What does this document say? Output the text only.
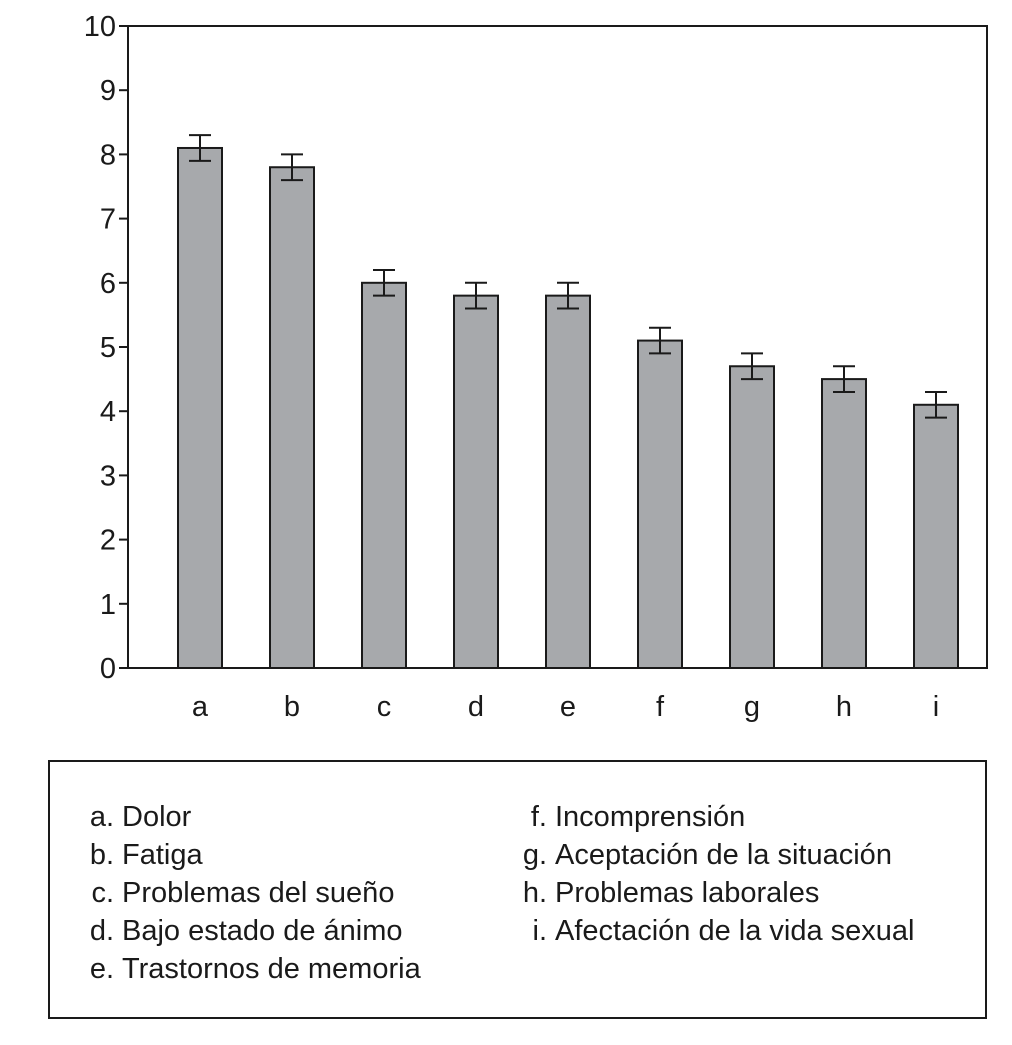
0
1
2
3
4
5
6
7
8
9
10
a	b	c	d	e	f	g	h	i
a. Dolor
b. Fatiga
c. Problemas del sueño
d. Bajo estado de ánimo
e. Trastornos de memoria
f. Incomprensión
g. Aceptación de la situación
h. Problemas laborales
i. Afectación de la vida sexual
